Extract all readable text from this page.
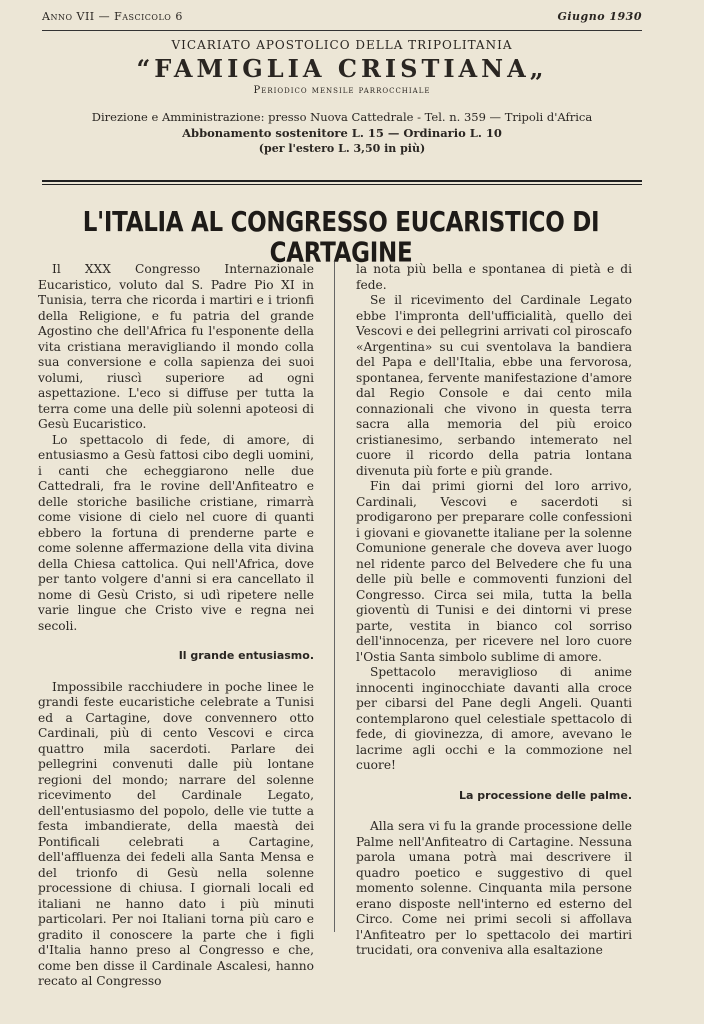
Anno VII — Fascicolo 6	Giugno 1930
VICARIATO APOSTOLICO DELLA TRIPOLITANIA
“FAMIGLIA CRISTIANA„
Periodico mensile parrocchiale
Direzione e Amministrazione: presso Nuova Cattedrale - Tel. n. 359 — Tripoli d'Africa
Abbonamento sostenitore L. 15 — Ordinario L. 10
(per l'estero L. 3,50 in più)
L'ITALIA AL CONGRESSO EUCARISTICO DI CARTAGINE

Il XXX Congresso Internazionale Eucaristico, voluto dal S. Padre Pio XI in Tunisia, terra che ricorda i martiri e i trionfi della Religione, e fu patria del grande Agostino che dell'Africa fu l'esponente della vita cristiana meravigliando il mondo colla sua conversione e colla sapienza dei suoi volumi, riuscì superiore ad ogni aspettazione. L'eco si diffuse per tutta la terra come una delle più solenni apoteosi di Gesù Eucaristico.

Lo spettacolo di fede, di amore, di entusiasmo a Gesù fattosi cibo degli uomini, i canti che echeggiarono nelle due Cattedrali, fra le rovine dell'Anfiteatro e delle storiche basiliche cristiane, rimarrà come visione di cielo nel cuore di quanti ebbero la fortuna di prenderne parte e come solenne affermazione della vita divina della Chiesa cattolica. Qui nell'Africa, dove per tanto volgere d'anni si era cancellato il nome di Gesù Cristo, si udì ripetere nelle varie lingue che Cristo vive e regna nei secoli.

Il grande entusiasmo.

Impossibile racchiudere in poche linee le grandi feste eucaristiche celebrate a Tunisi ed a Cartagine, dove convennero otto Cardinali, più di cento Vescovi e circa quattro mila sacerdoti. Parlare dei pellegrini convenuti dalle più lontane regioni del mondo; narrare del solenne ricevimento del Cardinale Legato, dell'entusiasmo del popolo, delle vie tutte a festa imbandierate, della maestà dei Pontificali celebrati a Cartagine, dell'affluenza dei fedeli alla Santa Mensa e del trionfo di Gesù nella solenne processione di chiusa. I giornali locali ed italiani ne hanno dato i più minuti particolari. Per noi Italiani torna più caro e gradito il conoscere la parte che i figli d'Italia hanno preso al Congresso e che, come ben disse il Cardinale Ascalesi, hanno recato al Congresso

la nota più bella e spontanea di pietà e di fede.

Se il ricevimento del Cardinale Legato ebbe l'impronta dell'ufficialità, quello dei Vescovi e dei pellegrini arrivati col piroscafo «Argentina» su cui sventolava la bandiera del Papa e dell'Italia, ebbe una fervorosa, spontanea, fervente manifestazione d'amore dal Regio Console e dai cento mila connazionali che vivono in questa terra sacra alla memoria del più eroico cristianesimo, serbando intemerato nel cuore il ricordo della patria lontana divenuta più forte e più grande.

Fin dai primi giorni del loro arrivo, Cardinali, Vescovi e sacerdoti si prodigarono per preparare colle confessioni i giovani e giovanette italiane per la solenne Comunione generale che doveva aver luogo nel ridente parco del Belvedere che fu una delle più belle e commoventi funzioni del Congresso. Circa sei mila, tutta la bella gioventù di Tunisi e dei dintorni vi prese parte, vestita in bianco col sorriso dell'innocenza, per ricevere nel loro cuore l'Ostia Santa simbolo sublime di amore.

Spettacolo meraviglioso di anime innocenti inginocchiate davanti alla croce per cibarsi del Pane degli Angeli. Quanti contemplarono quel celestiale spettacolo di fede, di giovinezza, di amore, avevano le lacrime agli occhi e la commozione nel cuore!

La processione delle palme.

Alla sera vi fu la grande processione delle Palme nell'Anfiteatro di Cartagine. Nessuna parola umana potrà mai descrivere il quadro poetico e suggestivo di quel momento solenne. Cinquanta mila persone erano disposte nell'interno ed esterno del Circo. Come nei primi secoli si affollava l'Anfiteatro per lo spettacolo dei martiri trucidati, ora conveniva alla esaltazione
